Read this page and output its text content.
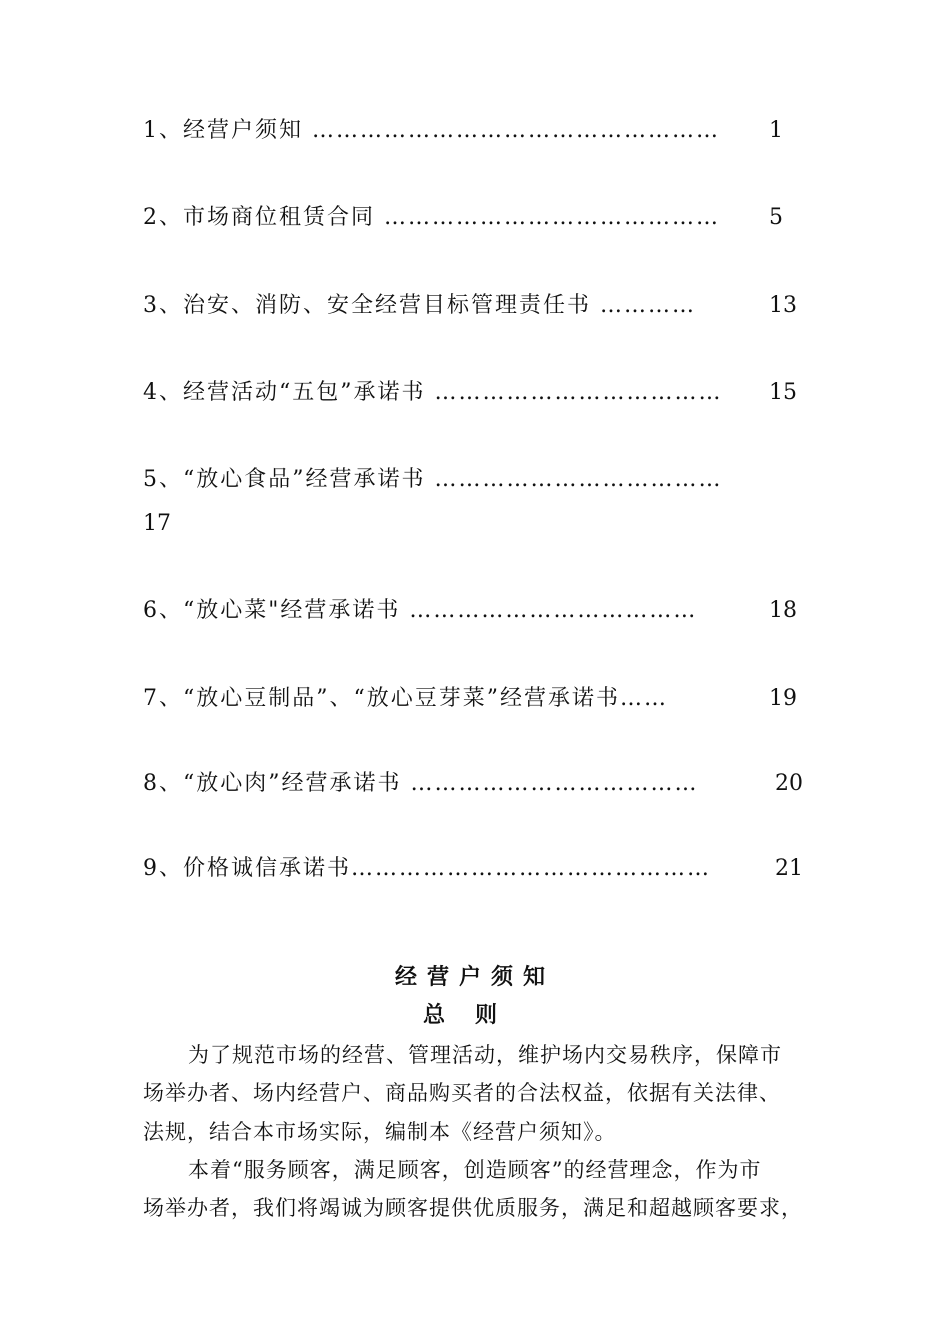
1、经营户须知 …………………………………………… 1
2、市场商位租赁合同 …………………………………… 5
3、治安、消防、安全经营目标管理责任书 …………	13
4、经营活动“五包”承诺书 ……………………………… 15
5、“放心食品”经营承诺书 ………………………………
17
6、“放心菜"经营承诺书 ………………………………	18
7、“放心豆制品”、“放心豆芽菜”经营承诺书……	19
8、“放心肉”经营承诺书 ………………………………	20
9、价格诚信承诺书………………………………………	21
经营户须知
总则
为了规范市场的经营、管理活动，维护场内交易秩序，保障市
场举办者、场内经营户、商品购买者的合法权益，依据有关法律、
法规，结合本市场实际，编制本《经营户须知》。
本着“服务顾客，满足顾客，创造顾客”的经营理念，作为市
场举办者，我们将竭诚为顾客提供优质服务，满足和超越顾客要求，
